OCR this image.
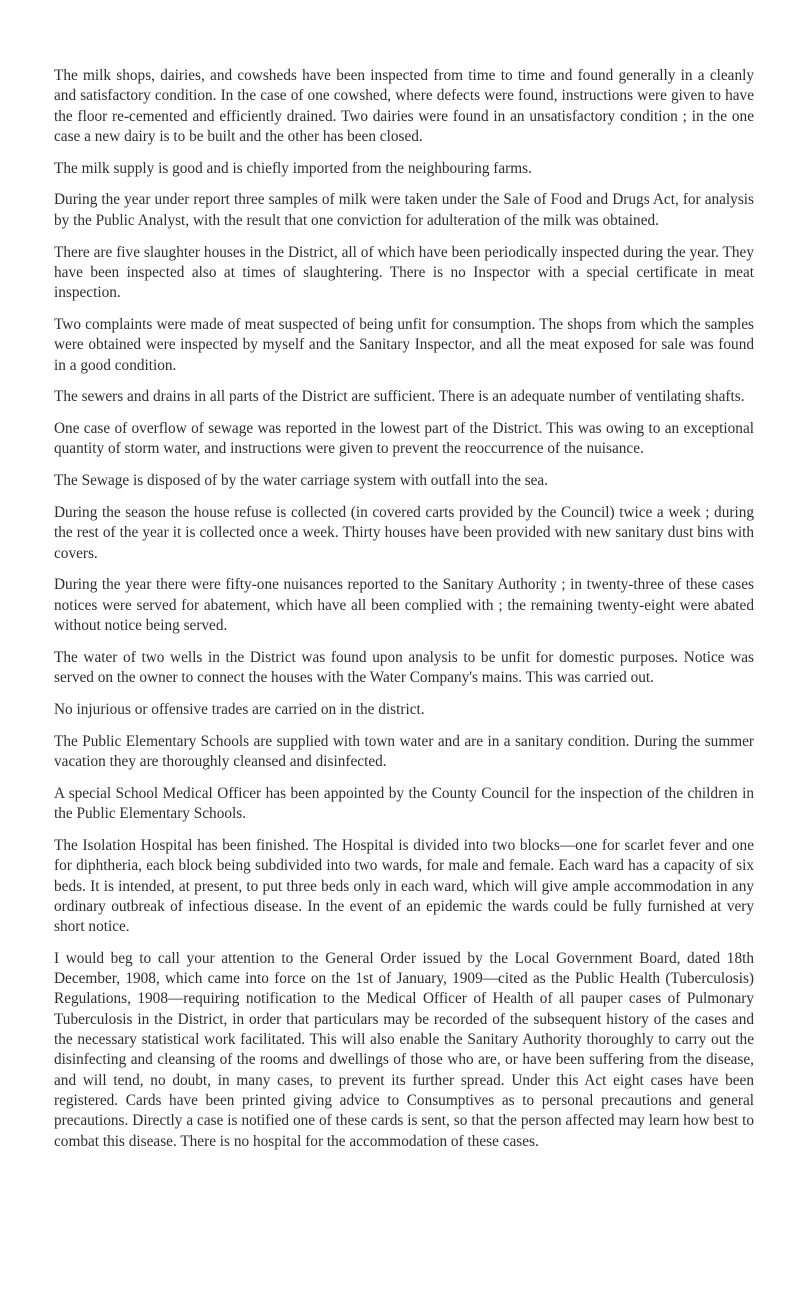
The milk shops, dairies, and cowsheds have been inspected from time to time and found generally in a cleanly and satisfactory condition. In the case of one cowshed, where defects were found, instructions were given to have the floor re-cemented and efficiently drained. Two dairies were found in an unsatisfactory condition ; in the one case a new dairy is to be built and the other has been closed.

The milk supply is good and is chiefly imported from the neighbouring farms.

During the year under report three samples of milk were taken under the Sale of Food and Drugs Act, for analysis by the Public Analyst, with the result that one conviction for adulteration of the milk was obtained.

There are five slaughter houses in the District, all of which have been periodically inspected during the year. They have been inspected also at times of slaughtering. There is no Inspector with a special certificate in meat inspection.

Two complaints were made of meat suspected of being unfit for consumption. The shops from which the samples were obtained were inspected by myself and the Sanitary Inspector, and all the meat exposed for sale was found in a good condition.

The sewers and drains in all parts of the District are sufficient. There is an adequate number of ventilating shafts.

One case of overflow of sewage was reported in the lowest part of the District. This was owing to an exceptional quantity of storm water, and instructions were given to prevent the reoccurrence of the nuisance.

The Sewage is disposed of by the water carriage system with outfall into the sea.

During the season the house refuse is collected (in covered carts provided by the Council) twice a week ; during the rest of the year it is collected once a week. Thirty houses have been provided with new sanitary dust bins with covers.

During the year there were fifty-one nuisances reported to the Sanitary Authority ; in twenty-three of these cases notices were served for abatement, which have all been complied with ; the remaining twenty-eight were abated without notice being served.

The water of two wells in the District was found upon analysis to be unfit for domestic purposes. Notice was served on the owner to connect the houses with the Water Company's mains. This was carried out.

No injurious or offensive trades are carried on in the district.

The Public Elementary Schools are supplied with town water and are in a sanitary condition. During the summer vacation they are thoroughly cleansed and disinfected.

A special School Medical Officer has been appointed by the County Council for the inspection of the children in the Public Elementary Schools.

The Isolation Hospital has been finished. The Hospital is divided into two blocks—one for scarlet fever and one for diphtheria, each block being subdivided into two wards, for male and female. Each ward has a capacity of six beds. It is intended, at present, to put three beds only in each ward, which will give ample accommodation in any ordinary outbreak of infectious disease. In the event of an epidemic the wards could be fully furnished at very short notice.

I would beg to call your attention to the General Order issued by the Local Government Board, dated 18th December, 1908, which came into force on the 1st of January, 1909—cited as the Public Health (Tuberculosis) Regulations, 1908—requiring notification to the Medical Officer of Health of all pauper cases of Pulmonary Tuberculosis in the District, in order that particulars may be recorded of the subsequent history of the cases and the necessary statistical work facilitated. This will also enable the Sanitary Authority thoroughly to carry out the disinfecting and cleansing of the rooms and dwellings of those who are, or have been suffering from the disease, and will tend, no doubt, in many cases, to prevent its further spread. Under this Act eight cases have been registered. Cards have been printed giving advice to Consumptives as to personal precautions and general precautions. Directly a case is notified one of these cards is sent, so that the person affected may learn how best to combat this disease. There is no hospital for the accommodation of these cases.
